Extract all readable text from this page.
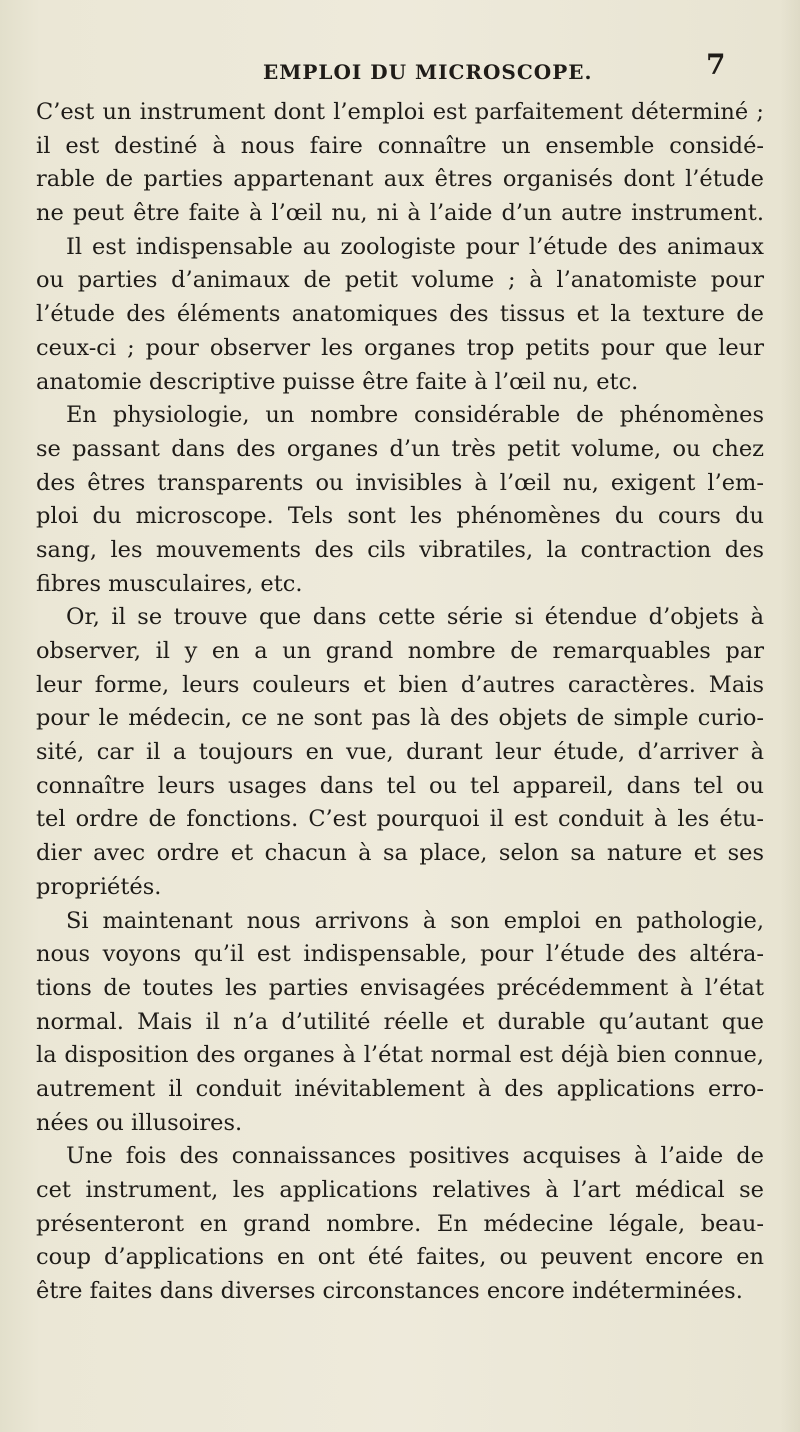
EMPLOI DU MICROSCOPE.	7
C’est un instrument dont l’emploi est parfaitement déterminé ;
il est destiné à nous faire connaître un ensemble considé-
rable de parties appartenant aux êtres organisés dont l’étude
ne peut être faite à l’œil nu, ni à l’aide d’un autre instrument.
Il est indispensable au zoologiste pour l’étude des animaux
ou parties d’animaux de petit volume ; à l’anatomiste pour
l’étude des éléments anatomiques des tissus et la texture de
ceux-ci ; pour observer les organes trop petits pour que leur
anatomie descriptive puisse être faite à l’œil nu, etc.
En physiologie, un nombre considérable de phénomènes
se passant dans des organes d’un très petit volume, ou chez
des êtres transparents ou invisibles à l’œil nu, exigent l’em-
ploi du microscope. Tels sont les phénomènes du cours du
sang, les mouvements des cils vibratiles, la contraction des
fibres musculaires, etc.
Or, il se trouve que dans cette série si étendue d’objets à
observer, il y en a un grand nombre de remarquables par
leur forme, leurs couleurs et bien d’autres caractères. Mais
pour le médecin, ce ne sont pas là des objets de simple curio-
sité, car il a toujours en vue, durant leur étude, d’arriver à
connaître leurs usages dans tel ou tel appareil, dans tel ou
tel ordre de fonctions. C’est pourquoi il est conduit à les étu-
dier avec ordre et chacun à sa place, selon sa nature et ses
propriétés.
Si maintenant nous arrivons à son emploi en pathologie,
nous voyons qu’il est indispensable, pour l’étude des altéra-
tions de toutes les parties envisagées précédemment à l’état
normal. Mais il n’a d’utilité réelle et durable qu’autant que
la disposition des organes à l’état normal est déjà bien connue,
autrement il conduit inévitablement à des applications erro-
nées ou illusoires.
Une fois des connaissances positives acquises à l’aide de
cet instrument, les applications relatives à l’art médical se
présenteront en grand nombre. En médecine légale, beau-
coup d’applications en ont été faites, ou peuvent encore en
être faites dans diverses circonstances encore indéterminées.
